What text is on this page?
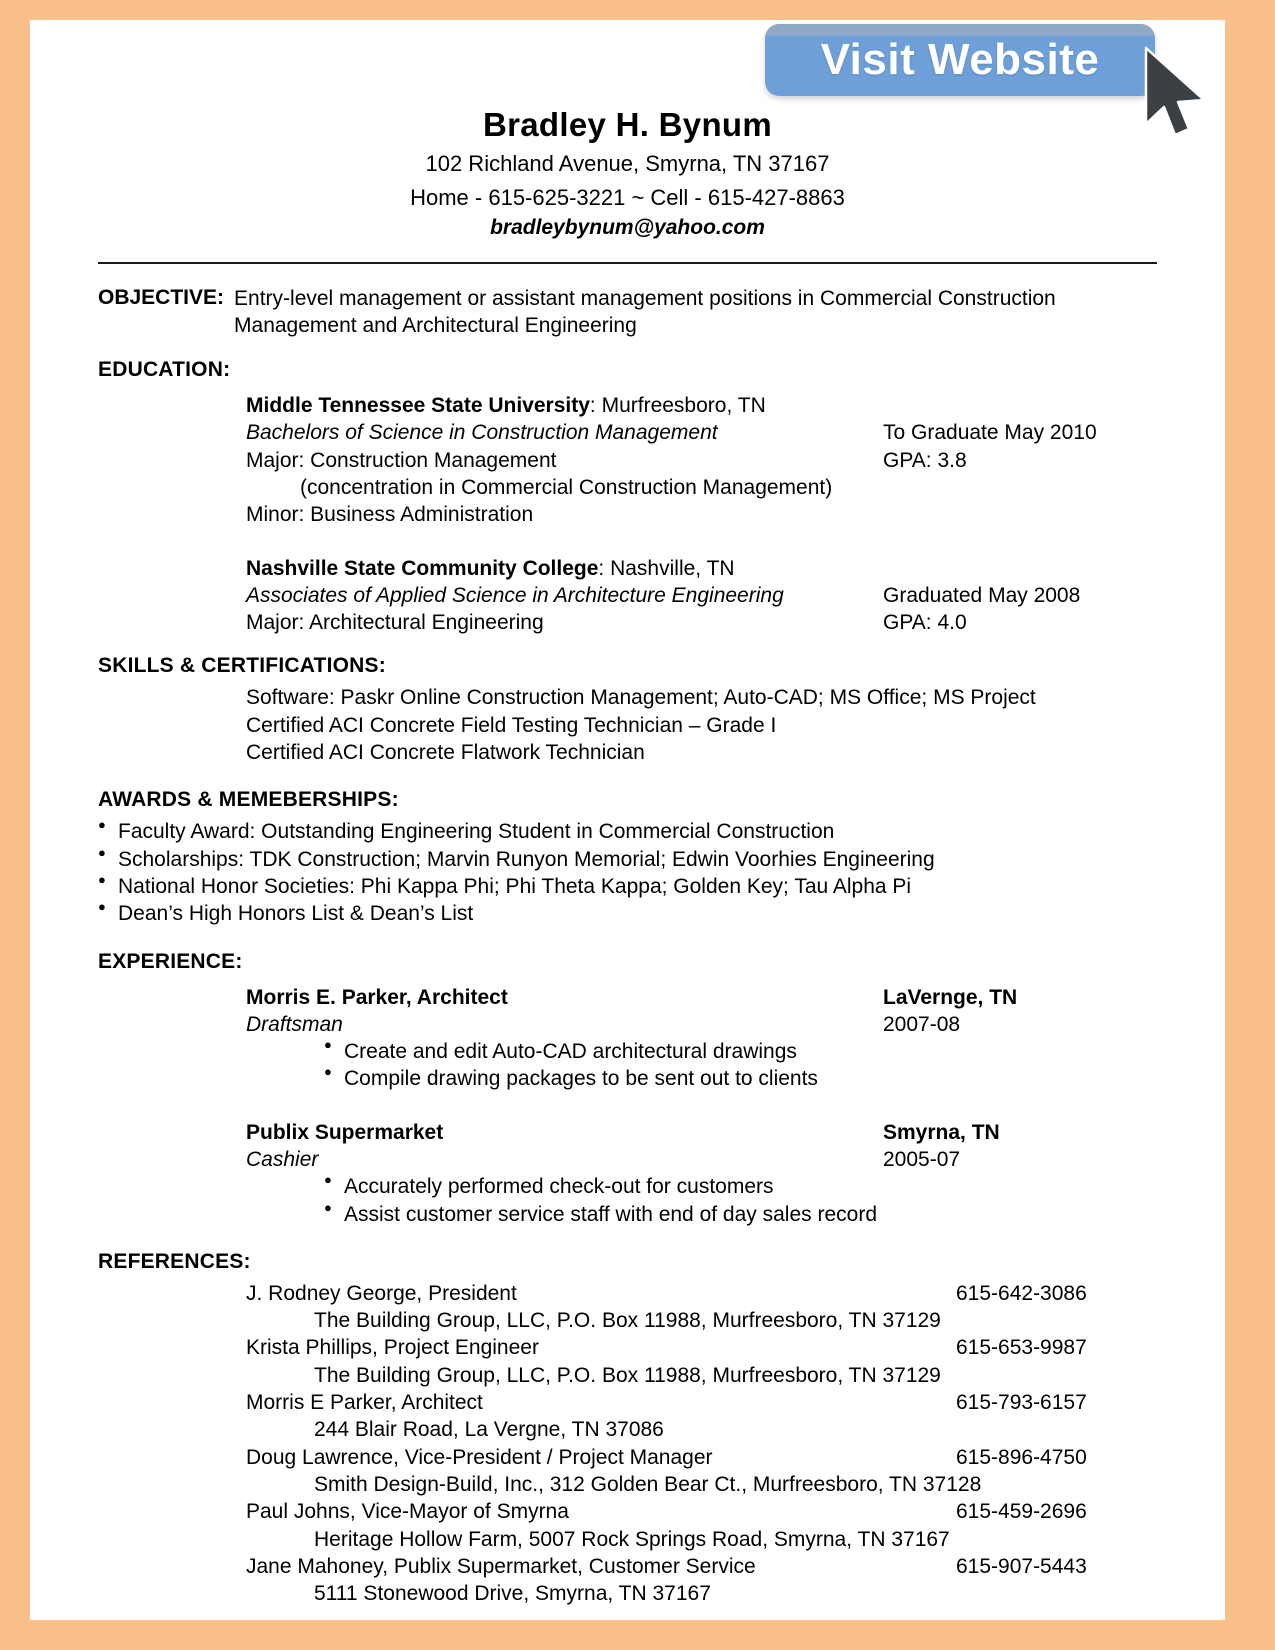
Visit Website
Bradley H. Bynum
102 Richland Avenue, Smyrna, TN 37167
Home - 615-625-3221 ~ Cell - 615-427-8863
bradleybynum@yahoo.com
OBJECTIVE: Entry-level management or assistant management positions in Commercial Construction
Management and Architectural Engineering
EDUCATION:
Middle Tennessee State University: Murfreesboro, TN
Bachelors of Science in Construction Management	To Graduate May 2010
Major: Construction Management	GPA: 3.8
(concentration in Commercial Construction Management)
Minor: Business Administration
Nashville State Community College: Nashville, TN
Associates of Applied Science in Architecture Engineering	Graduated May 2008
Major: Architectural Engineering	GPA: 4.0
SKILLS & CERTIFICATIONS:
Software: Paskr Online Construction Management; Auto-CAD; MS Office; MS Project
Certified ACI Concrete Field Testing Technician – Grade I
Certified ACI Concrete Flatwork Technician
AWARDS & MEMEBERSHIPS:
● Faculty Award: Outstanding Engineering Student in Commercial Construction
● Scholarships: TDK Construction; Marvin Runyon Memorial; Edwin Voorhies Engineering
● National Honor Societies: Phi Kappa Phi; Phi Theta Kappa; Golden Key; Tau Alpha Pi
● Dean’s High Honors List & Dean’s List
EXPERIENCE:
Morris E. Parker, Architect	LaVernge, TN
Draftsman	2007-08
● Create and edit Auto-CAD architectural drawings
● Compile drawing packages to be sent out to clients
Publix Supermarket	Smyrna, TN
Cashier	2005-07
● Accurately performed check-out for customers
● Assist customer service staff with end of day sales record
REFERENCES:
J. Rodney George, President	615-642-3086
The Building Group, LLC, P.O. Box 11988, Murfreesboro, TN 37129
Krista Phillips, Project Engineer	615-653-9987
The Building Group, LLC, P.O. Box 11988, Murfreesboro, TN 37129
Morris E Parker, Architect	615-793-6157
244 Blair Road, La Vergne, TN 37086
Doug Lawrence, Vice-President / Project Manager	615-896-4750
Smith Design-Build, Inc., 312 Golden Bear Ct., Murfreesboro, TN 37128
Paul Johns, Vice-Mayor of Smyrna	615-459-2696
Heritage Hollow Farm, 5007 Rock Springs Road, Smyrna, TN 37167
Jane Mahoney, Publix Supermarket, Customer Service	615-907-5443
5111 Stonewood Drive, Smyrna, TN 37167
